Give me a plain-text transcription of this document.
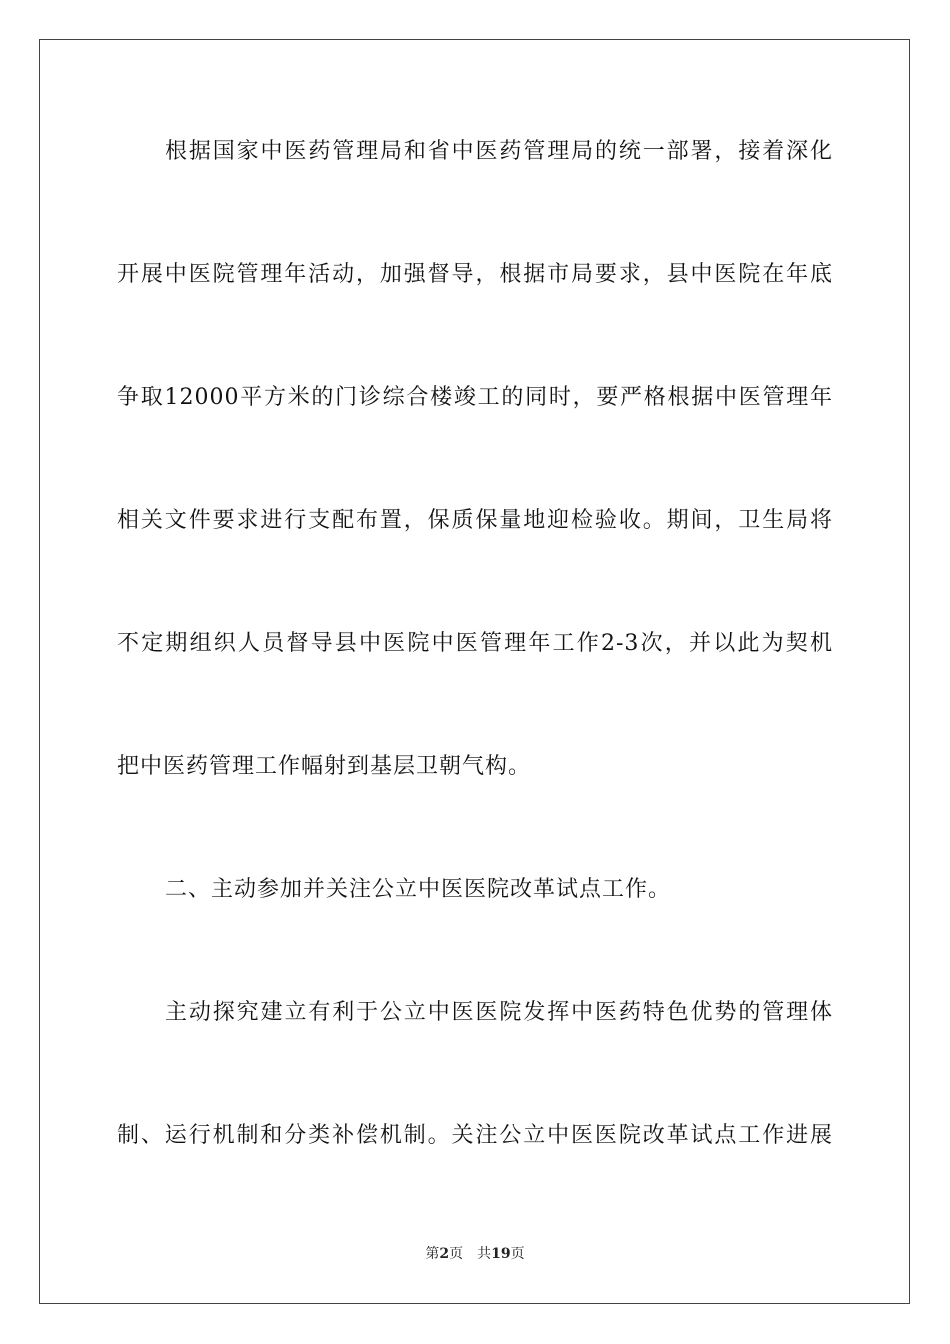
根据国家中医药管理局和省中医药管理局的统一部署，接着深化
开展中医院管理年活动，加强督导，根据市局要求，县中医院在年底
争取12000平方米的门诊综合楼竣工的同时，要严格根据中医管理年
相关文件要求进行支配布置，保质保量地迎检验收。期间，卫生局将
不定期组织人员督导县中医院中医管理年工作2-3次，并以此为契机
把中医药管理工作幅射到基层卫朝气构。
二、主动参加并关注公立中医医院改革试点工作。
主动探究建立有利于公立中医医院发挥中医药特色优势的管理体
制、运行机制和分类补偿机制。关注公立中医医院改革试点工作进展
第2页 共19页
